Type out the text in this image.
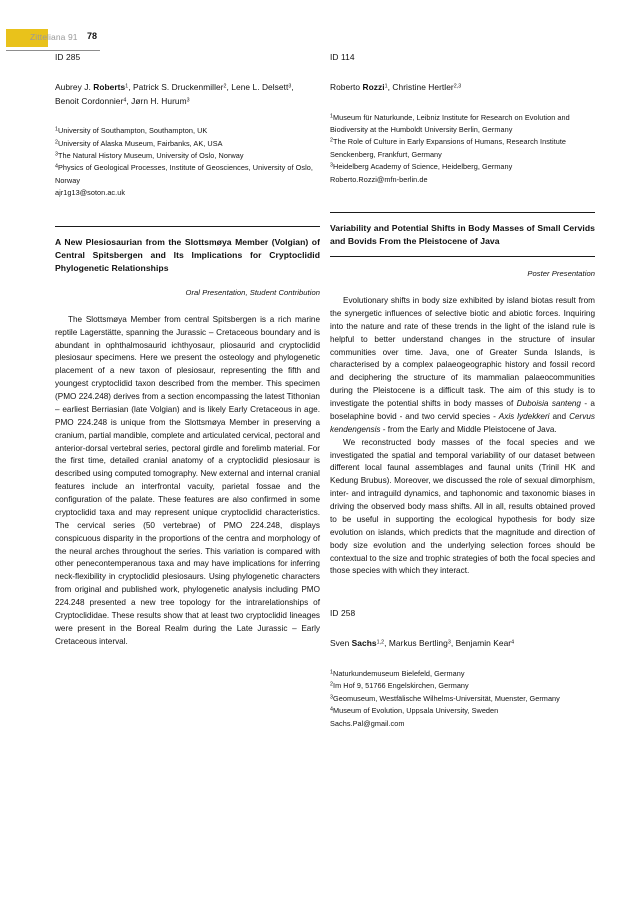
Zitteliana 91 78
ID 285
Aubrey J. Roberts$^1$, Patrick S. Druckenmiller$^2$, Lene L. Delsett$^3$, Benoit Cordonnier$^4$, Jørn H. Hurum$^3$
$^1$University of Southampton, Southampton, UK
$^2$University of Alaska Museum, Fairbanks, AK, USA
$^3$The Natural History Museum, University of Oslo, Norway
$^4$Physics of Geological Processes, Institute of Geosciences, University of Oslo, Norway
ajr1g13@soton.ac.uk
A New Plesiosaurian from the Slottsmøya Member (Volgian) of Central Spitsbergen and Its Implications for Cryptoclidid Phylogenetic Relationships
Oral Presentation, Student Contribution

The Slottsmøya Member from central Spitsbergen is a rich marine reptile Lagerstätte, spanning the Jurassic – Cretaceous boundary and is abundant in ophthalmosaurid ichthyosaur, pliosaurid and cryptoclidid plesiosaur specimens. Here we present the osteology and phylogenetic placement of a new taxon of plesiosaur, representing the fifth and youngest cryptoclidid taxon described from the member. This specimen (PMO 224.248) derives from a section encompassing the latest Tithonian – earliest Berriasian (late Volgian) and is likely Early Cretaceous in age. PMO 224.248 is unique from the Slottsmøya Member in preserving a cranium, partial mandible, complete and articulated cervical, pectoral and anterior-dorsal vertebral series, pectoral girdle and forelimb material. For the first time, detailed cranial anatomy of a cryptoclidid plesiosaur is described using computed tomography. New external and internal cranial features include an interfrontal vacuity, parietal fossae and the configuration of the palate. These features are also confirmed in some cryptoclidid taxa and may represent unique cryptoclidid characteristics. The cervical series (50 vertebrae) of PMO 224.248, displays conspicuous disparity in the proportions of the centra and morphology of the neural arches throughout the series. This variation is compared with other penecontemperanous taxa and may have implications for inferring neck-flexibility in cryptoclidid plesiosaurs. Using phylogenetic characters from original and published work, phylogenetic analysis including PMO 224.248 presented a new tree topology for the intrarelationships of Cryptoclididae. These results show that at least two cryptoclidid lineages were present in the Boreal Realm during the Late Jurassic – Early Cretaceous interval.

ID 114
Roberto Rozzi$^1$, Christine Hertler$^{2,3}$
$^1$Museum für Naturkunde, Leibniz Institute for Research on Evolution and Biodiversity at the Humboldt University Berlin, Germany
$^2$The Role of Culture in Early Expansions of Humans, Research Institute Senckenberg, Frankfurt, Germany
$^3$Heidelberg Academy of Science, Heidelberg, Germany
Roberto.Rozzi@mfn-berlin.de
Variability and Potential Shifts in Body Masses of Small Cervids and Bovids From the Pleistocene of Java
Poster Presentation

Evolutionary shifts in body size exhibited by island biotas result from the synergetic influences of selective biotic and abiotic forces. Inquiring into the nature and rate of these trends in the light of the island rule is helpful to better understand changes in the structure of insular communities over time. Java, one of Greater Sunda Islands, is characterised by a complex palaeogeographic history and fossil record and deciphering the structure of its mammalian palaeocommunities during the Pleistocene is a difficult task. The aim of this study is to investigate the potential shifts in body masses of Duboisia santeng - a boselaphine bovid - and two cervid species - Axis lydekkeri and Cervus kendengensis - from the Early and Middle Pleistocene of Java.

We reconstructed body masses of the focal species and we investigated the spatial and temporal variability of our dataset between different local faunal assemblages and faunal units (Trinil HK and Kedung Brubus). Moreover, we discussed the role of sexual dimorphism, inter- and intraguild dynamics, and taphonomic and taxonomic biases in driving the observed body mass shifts. All in all, results obtained proved to be useful in supporting the ecological hypothesis for body size evolution on islands, which predicts that the magnitude and direction of body size evolution and the underlying selection forces should be contextual to the size and trophic strategies of both the focal species and those species with which they interact.

ID 258
Sven Sachs$^{1,2}$, Markus Bertling$^3$, Benjamin Kear$^4$
$^1$Naturkundemuseum Bielefeld, Germany
$^2$Im Hof 9, 51766 Engelskirchen, Germany
$^3$Geomuseum, Westfälische Wilhelms-Universität, Muenster, Germany
$^4$Museum of Evolution, Uppsala University, Sweden
Sachs.Pal@gmail.com
